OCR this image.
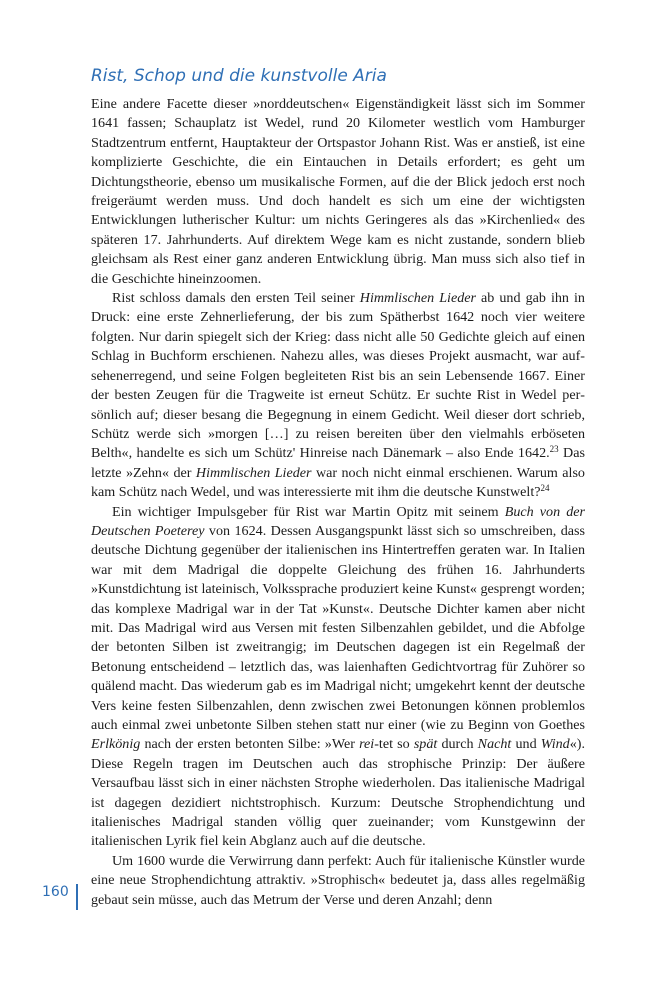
Rist, Schop und die kunstvolle Aria

Eine andere Facette dieser »norddeutschen« Eigenständigkeit lässt sich im Sommer 1641 fassen; Schauplatz ist Wedel, rund 20 Kilometer westlich vom Hamburger Stadtzentrum entfernt, Hauptakteur der Ortspastor Johann Rist. Was er anstieß, ist eine komplizierte Geschichte, die ein Eintauchen in Details erfordert; es geht um Dichtungstheorie, ebenso um musikalische Formen, auf die der Blick jedoch erst noch freigeräumt werden muss. Und doch handelt es sich um eine der wichtigsten Entwicklungen lutherischer Kultur: um nichts Geringeres als das »Kirchenlied« des späteren 17. Jahrhunderts. Auf direktem Wege kam es nicht zustande, sondern blieb gleichsam als Rest einer ganz anderen Entwicklung übrig. Man muss sich also tief in die Geschichte hineinzoomen.

Rist schloss damals den ersten Teil seiner Himmlischen Lieder ab und gab ihn in Druck: eine erste Zehnerlieferung, der bis zum Spätherbst 1642 noch vier weitere folgten. Nur darin spiegelt sich der Krieg: dass nicht alle 50 Gedichte gleich auf einen Schlag in Buchform erschienen. Nahezu alles, was dieses Projekt ausmacht, war aufsehenerregend, und seine Folgen begleiteten Rist bis an sein Lebensende 1667. Einer der besten Zeugen für die Tragweite ist erneut Schütz. Er suchte Rist in Wedel persönlich auf; dieser besang die Begegnung in einem Gedicht. Weil dieser dort schrieb, Schütz werde sich »morgen […] zu reisen bereiten über den vielmahls erböseten Belth«, handelte es sich um Schütz' Hinreise nach Dänemark – also Ende 1642.23 Das letzte »Zehn« der Himmlischen Lieder war noch nicht einmal erschienen. Warum also kam Schütz nach Wedel, und was interessierte mit ihm die deutsche Kunstwelt?$^{24}$

Ein wichtiger Impulsgeber für Rist war Martin Opitz mit seinem Buch von der Deutschen Poeterey von 1624. Dessen Ausgangspunkt lässt sich so umschreiben, dass deutsche Dichtung gegenüber der italienischen ins Hintertreffen geraten war. In Italien war mit dem Madrigal die doppelte Gleichung des frühen 16. Jahrhunderts »Kunstdichtung ist lateinisch, Volkssprache produziert keine Kunst« gesprengt worden; das komplexe Madrigal war in der Tat »Kunst«. Deutsche Dichter kamen aber nicht mit. Das Madrigal wird aus Versen mit festen Silbenzahlen gebildet, und die Abfolge der betonten Silben ist zweitrangig; im Deutschen dagegen ist ein Regelmaß der Betonung entscheidend – letztlich das, was laienhaften Gedichtvortrag für Zuhörer so quälend macht. Das wiederum gab es im Madrigal nicht; umgekehrt kennt der deutsche Vers keine festen Silbenzahlen, denn zwischen zwei Betonungen können problemlos auch einmal zwei unbetonte Silben stehen statt nur einer (wie zu Beginn von Goethes Erlkönig nach der ersten betonten Silbe: »Wer rei-tet so spät durch Nacht und Wind«). Diese Regeln tragen im Deutschen auch das strophische Prinzip: Der äußere Versaufbau lässt sich in einer nächsten Strophe wiederholen. Das italienische Madrigal ist dagegen dezidiert nichtstrophisch. Kurzum: Deutsche Strophendichtung und italienisches Madrigal standen völlig quer zueinander; vom Kunstgewinn der italienischen Lyrik fiel kein Abglanz auch auf die deutsche.

Um 1600 wurde die Verwirrung dann perfekt: Auch für italienische Künstler wurde eine neue Strophendichtung attraktiv. »Strophisch« bedeutet ja, dass alles regelmäßig gebaut sein müsse, auch das Metrum der Verse und deren Anzahl; denn

160
